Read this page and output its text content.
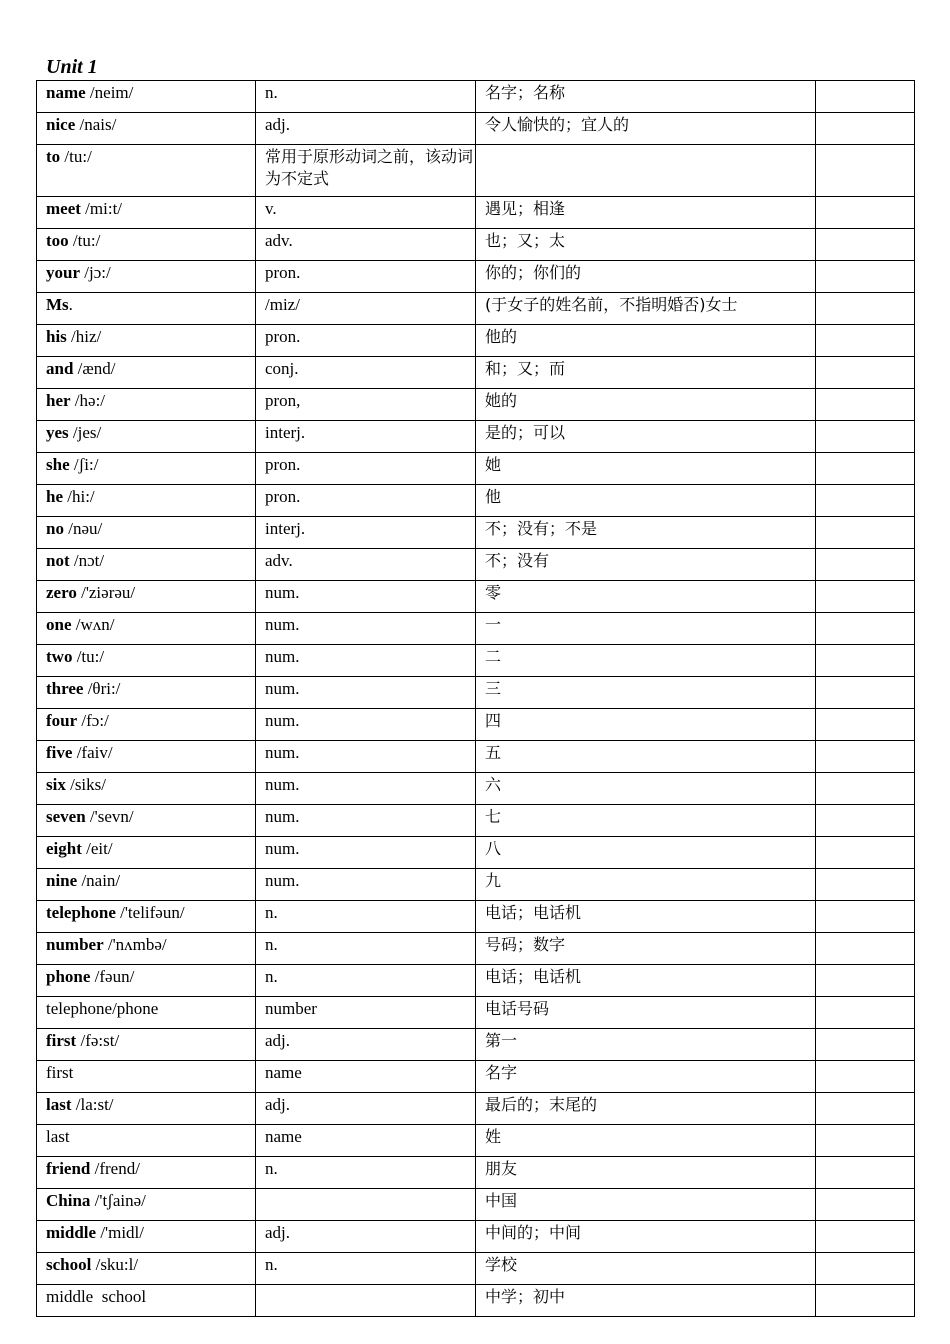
Unit 1
name /neim/	n.	名字；名称	
nice /nais/	adj.	令人愉快的；宜人的	
to /tu:/	常用于原形动词之前，该动词为不定式		
meet /mi:t/	v.	遇见；相逢	
too /tu:/	adv.	也；又；太	
your /jɔ:/	pron.	你的；你们的	
Ms.	/miz/	(于女子的姓名前，不指明婚否)女士	
his /hiz/	pron.	他的	
and /ænd/	conj.	和；又；而	
her /hə:/	pron,	她的	
yes /jes/	interj.	是的；可以	
she /ʃi:/	pron.	她	
he /hi:/	pron.	他	
no /nəu/	interj.	不；没有；不是	
not /nɔt/	adv.	不；没有	
zero /'ziərəu/	num.	零	
one /wʌn/	num.	一	
two /tu:/	num.	二	
three /θri:/	num.	三	
four /fɔ:/	num.	四	
five /faiv/	num.	五	
six /siks/	num.	六	
seven /'sevn/	num.	七	
eight /eit/	num.	八	
nine /nain/	num.	九	
telephone /'telifəun/	n.	电话；电话机	
number /'nʌmbə/	n.	号码；数字	
phone /fəun/	n.	电话；电话机	
telephone/phone	number	电话号码	
first /fə:st/	adj.	第一	
first	name	名字	
last /la:st/	adj.	最后的；末尾的	
last	name	姓	
friend /frend/	n.	朋友	
China /'tʃainə/		中国	
middle /'midl/	adj.	中间的；中间	
school /sku:l/	n.	学校	
middle  school		中学；初中	
